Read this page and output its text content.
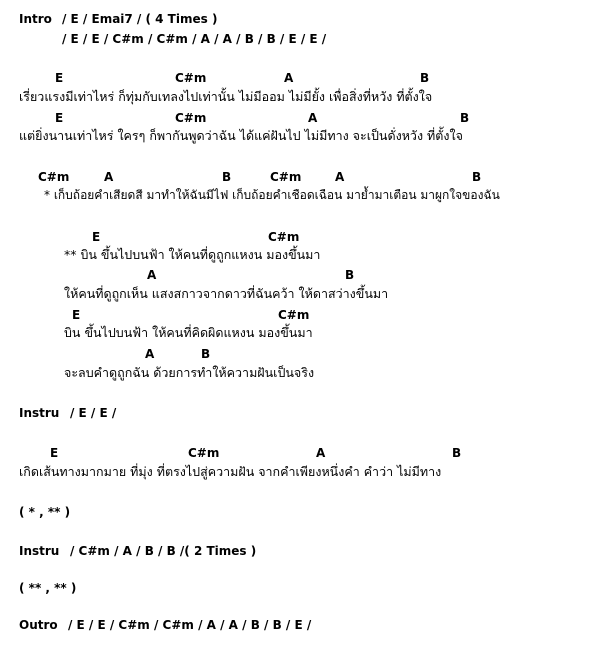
Intro / E / Emai7 / ( 4 Times )
/ E / E / C#m / C#m / A / A / B / B / E / E /
E	C#m	A	B
เรี่ยวแรงมีเท่าไหร่ ก็ทุ่มกับเทลงไปเท่านั้น ไม่มีออม ไม่มียั้ง เพื่อสิ่งที่หวัง ที่ตั้งใจ
E	C#m	A	B
แต่ยิ่งนานเท่าไหร่ ใครๆ ก็พากันพูดว่าฉัน ได้แค่ฝันไป ไม่มีทาง จะเป็นดั่งหวัง ที่ตั้งใจ
C#m	A	B	C#m	A	B
* เก็บถ้อยคำเสียดสี มาทำให้ฉันมีไฟ เก็บถ้อยคำเชือดเฉือน มาย้ำมาเตือน มาผูกใจของฉัน
E	C#m
** บิน ขึ้นไปบนฟ้า ให้คนที่ดูถูกแหงน มองขึ้นมา
A	B
ให้คนที่ดูถูกเห็น แสงสกาวจากดาวที่ฉันคว้า ให้ดาสว่างขึ้นมา
E	C#m
บิน ขึ้นไปบนฟ้า ให้คนที่คิดผิดแหงน มองขึ้นมา
A	B
จะลบคำดูถูกฉัน ด้วยการทำให้ความฝันเป็นจริง
Instru / E / E /
E	C#m	A	B
เกิดเส้นทางมากมาย ที่มุ่ง ที่ตรงไปสู่ความฝัน จากคำเพียงหนึ่งคำ คำว่า ไม่มีทาง
( * , ** )
Instru / C#m / A / B / B /( 2 Times )
( ** , ** )
Outro / E / E / C#m / C#m / A / A / B / B / E /
